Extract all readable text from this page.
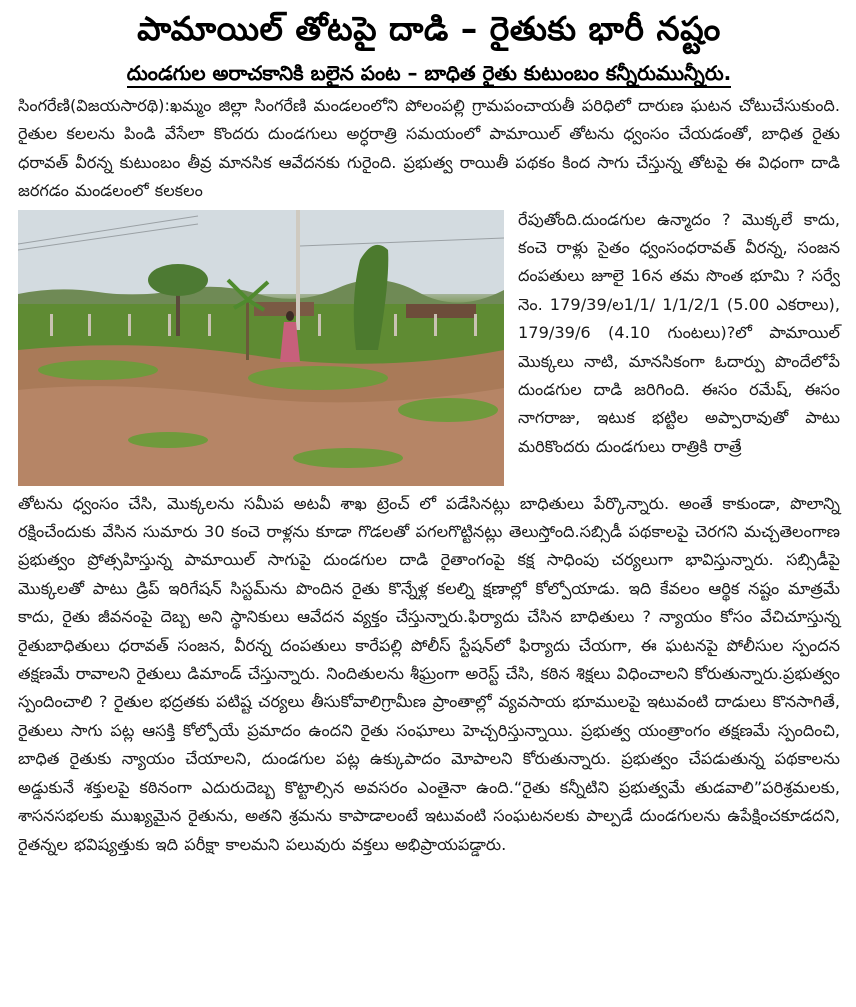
పామాయిల్ తోటపై దాడి – రైతుకు భారీ నష్టం
దుండగుల అరాచకానికి బలైన పంట – బాధిత రైతు కుటుంబం కన్నీరుమున్నీరు.

సింగరేణి(విజయసారథి):ఖమ్మం జిల్లా సింగరేణి మండలంలోని పోలంపల్లి గ్రామపంచాయతీ పరిధిలో దారుణ ఘటన చోటుచేసుకుంది. రైతుల కలలను పిండి వేసేలా కొందరు దుండగులు అర్ధరాత్రి సమయంలో పామాయిల్ తోటను ధ్వంసం చేయడంతో, బాధిత రైతు ధరావత్ వీరన్న కుటుంబం తీవ్ర మానసిక ఆవేదనకు గురైంది. ప్రభుత్వ రాయితీ పథకం కింద సాగు చేస్తున్న తోటపై ఈ విధంగా దాడి జరగడం మండలంలో కలకలం

రేపుతోంది.దుండగుల ఉన్మాదం ? మొక్కలే కాదు, కంచె రాళ్లు సైతం ధ్వంసంధరావత్ వీరన్న, సంజన దంపతులు జూలై 16న తమ సొంత భూమి ? సర్వే నెం. 179/39/ల1/1/ 1/1/2/1 (5.00 ఎకరాలు), 179/39/6 (4.10 గుంటలు)?లో పామాయిల్ మొక్కలు నాటి, మానసికంగా ఓదార్పు పొందేలోపే దుండగుల దాడి జరిగింది. ఈసం రమేష్, ఈసం నాగరాజు, ఇటుక భట్టిల అప్పారావుతో పాటు మరికొందరు దుండగులు రాత్రికి రాత్రే

తోటను ధ్వంసం చేసి, మొక్కలను సమీప అటవీ శాఖ ట్రెంచ్ లో పడేసినట్లు బాధితులు పేర్కొన్నారు. అంతే కాకుండా, పొలాన్ని రక్షించేందుకు వేసిన సుమారు 30 కంచె రాళ్లను కూడా గొడలతో పగలగొట్టినట్లు తెలుస్తోంది.సబ్సిడీ పథకాలపై చెరగని మచ్చతెలంగాణ ప్రభుత్వం ప్రోత్సహిస్తున్న పామాయిల్ సాగుపై దుండగుల దాడి రైతాంగంపై కక్ష సాధింపు చర్యలుగా భావిస్తున్నారు. సబ్సిడీపై మొక్కలతో పాటు డ్రిప్ ఇరిగేషన్ సిస్టమ్‌ను పొందిన రైతు కొన్నేళ్ల కలల్ని క్షణాల్లో కోల్పోయాడు. ఇది కేవలం ఆర్థిక నష్టం మాత్రమే కాదు, రైతు జీవనంపై దెబ్బ అని స్థానికులు ఆవేదన వ్యక్తం చేస్తున్నారు.ఫిర్యాదు చేసిన బాధితులు ? న్యాయం కోసం వేచిచూస్తున్న రైతుబాధితులు ధరావత్ సంజన, వీరన్న దంపతులు కారేపల్లి పోలీస్ స్టేషన్‌లో ఫిర్యాదు చేయగా, ఈ ఘటనపై పోలీసుల స్పందన తక్షణమే రావాలని రైతులు డిమాండ్ చేస్తున్నారు. నిందితులను శీఘ్రంగా అరెస్ట్ చేసి, కఠిన శిక్షలు విధించాలని కోరుతున్నారు.ప్రభుత్వం స్పందించాలి ? రైతుల భద్రతకు పటిష్ట చర్యలు తీసుకోవాలిగ్రామీణ ప్రాంతాల్లో వ్యవసాయ భూములపై ఇటువంటి దాడులు కొనసాగితే, రైతులు సాగు పట్ల ఆసక్తి కోల్పోయే ప్రమాదం ఉందని రైతు సంఘాలు హెచ్చరిస్తున్నాయి. ప్రభుత్వ యంత్రాంగం తక్షణమే స్పందించి, బాధిత రైతుకు న్యాయం చేయాలని, దుండగుల పట్ల ఉక్కుపాదం మోపాలని కోరుతున్నారు. ప్రభుత్వం చేపడుతున్న పథకాలను అడ్డుకునే శక్తులపై కఠినంగా ఎదురుదెబ్బ కొట్టాల్సిన అవసరం ఎంతైనా ఉంది.“రైతు కన్నీటిని ప్రభుత్వమే తుడవాలి”పరిశ్రమలకు, శాసనసభలకు ముఖ్యమైన రైతును, అతని శ్రమను కాపాడాలంటే ఇటువంటి సంఘటనలకు పాల్పడే దుండగులను ఉపేక్షించకూడదని, రైతన్నల భవిష్యత్తుకు ఇది పరీక్షా కాలమని పలువురు వక్తలు అభిప్రాయపడ్డారు.
